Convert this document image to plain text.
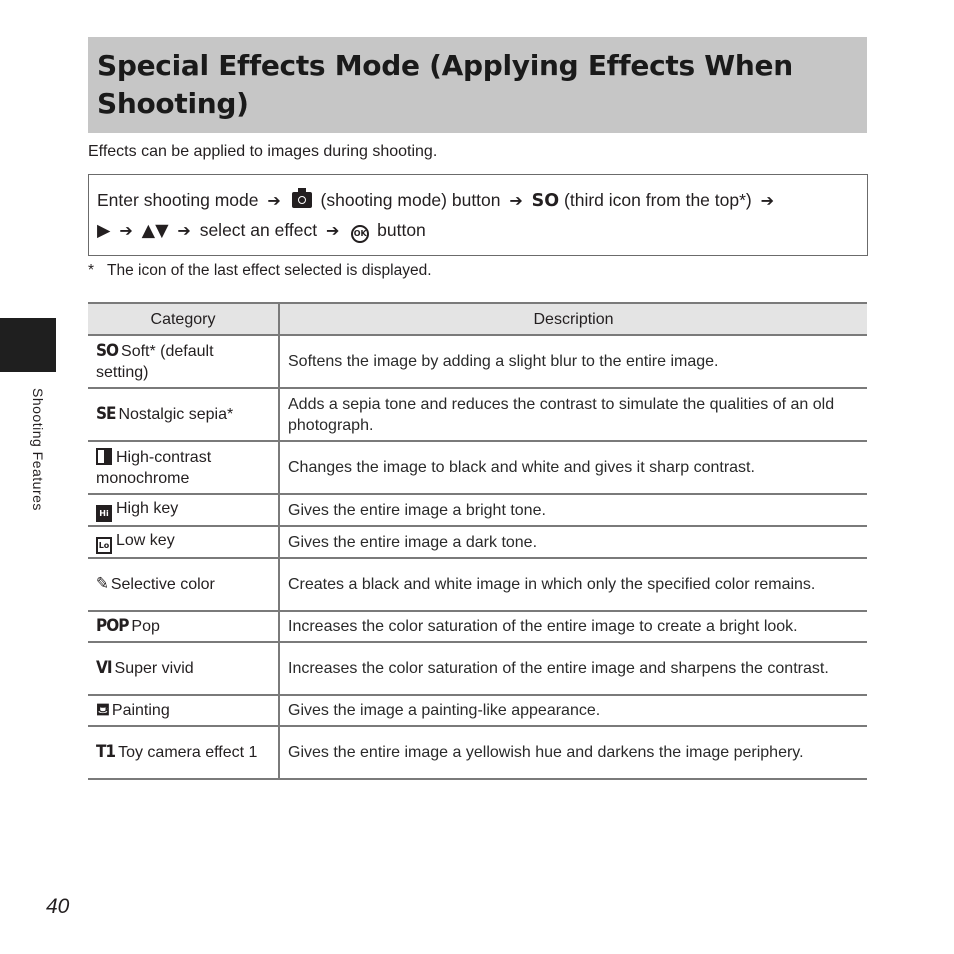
Special Effects Mode (Applying Effects When Shooting)
Effects can be applied to images during shooting.
Enter shooting mode ➔ (shooting mode) button ➔ SO (third icon from the top*) ➔
▶ ➔ ▲▼ ➔ select an effect ➔ OK button
* The icon of the last effect selected is displayed.
Category	Description
SO Soft* (default setting)	Softens the image by adding a slight blur to the entire image.
SE Nostalgic sepia*	Adds a sepia tone and reduces the contrast to simulate the qualities of an old photograph.
High-contrast monochrome	Changes the image to black and white and gives it sharp contrast.
Hi High key	Gives the entire image a bright tone.
Lo Low key	Gives the entire image a dark tone.
✎ Selective color	Creates a black and white image in which only the specified color remains.
POP Pop	Increases the color saturation of the entire image to create a bright look.
VI Super vivid	Increases the color saturation of the entire image and sharpens the contrast.
⛾ Painting	Gives the image a painting-like appearance.
T1 Toy camera effect 1	Gives the entire image a yellowish hue and darkens the image periphery.
Shooting Features
40
